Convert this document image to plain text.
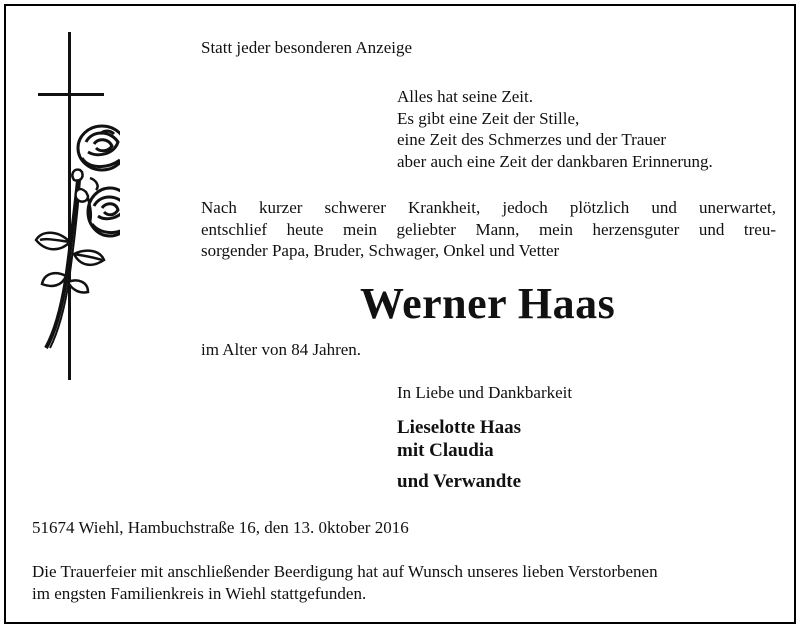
Statt jeder besonderen Anzeige
Alles hat seine Zeit.
Es gibt eine Zeit der Stille,
eine Zeit des Schmerzes und der Trauer
aber auch eine Zeit der dankbaren Erinnerung.
Nach kurzer schwerer Krankheit, jedoch plötzlich und unerwartet,
entschlief heute mein geliebter Mann, mein herzensguter und treu-
sorgender Papa, Bruder, Schwager, Onkel und Vetter
Werner Haas
im Alter von 84 Jahren.
In Liebe und Dankbarkeit
Lieselotte Haas
mit Claudia
und Verwandte
51674 Wiehl, Hambuchstraße 16, den 13. 0ktober 2016
Die Trauerfeier mit anschließender Beerdigung hat auf Wunsch unseres lieben Verstorbenen
im engsten Familienkreis in Wiehl stattgefunden.
